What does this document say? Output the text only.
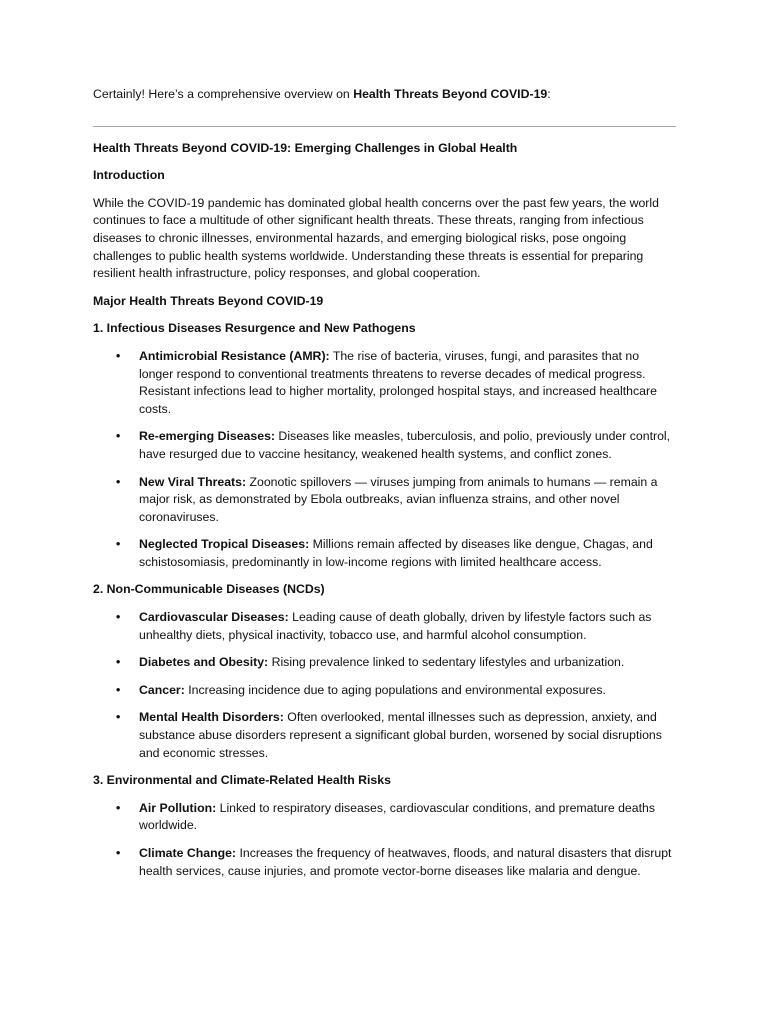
Certainly! Here’s a comprehensive overview on Health Threats Beyond COVID-19:

Health Threats Beyond COVID-19: Emerging Challenges in Global Health
Introduction

While the COVID-19 pandemic has dominated global health concerns over the past few years, the world continues to face a multitude of other significant health threats. These threats, ranging from infectious diseases to chronic illnesses, environmental hazards, and emerging biological risks, pose ongoing challenges to public health systems worldwide. Understanding these threats is essential for preparing resilient health infrastructure, policy responses, and global cooperation.

Major Health Threats Beyond COVID-19
1. Infectious Diseases Resurgence and New Pathogens
• Antimicrobial Resistance (AMR): The rise of bacteria, viruses, fungi, and parasites that no longer respond to conventional treatments threatens to reverse decades of medical progress. Resistant infections lead to higher mortality, prolonged hospital stays, and increased healthcare costs.
• Re-emerging Diseases: Diseases like measles, tuberculosis, and polio, previously under control, have resurged due to vaccine hesitancy, weakened health systems, and conflict zones.
• New Viral Threats: Zoonotic spillovers — viruses jumping from animals to humans — remain a major risk, as demonstrated by Ebola outbreaks, avian influenza strains, and other novel coronaviruses.
• Neglected Tropical Diseases: Millions remain affected by diseases like dengue, Chagas, and schistosomiasis, predominantly in low-income regions with limited healthcare access.
2. Non-Communicable Diseases (NCDs)
• Cardiovascular Diseases: Leading cause of death globally, driven by lifestyle factors such as unhealthy diets, physical inactivity, tobacco use, and harmful alcohol consumption.
• Diabetes and Obesity: Rising prevalence linked to sedentary lifestyles and urbanization.
• Cancer: Increasing incidence due to aging populations and environmental exposures.
• Mental Health Disorders: Often overlooked, mental illnesses such as depression, anxiety, and substance abuse disorders represent a significant global burden, worsened by social disruptions and economic stresses.
3. Environmental and Climate-Related Health Risks
• Air Pollution: Linked to respiratory diseases, cardiovascular conditions, and premature deaths worldwide.
• Climate Change: Increases the frequency of heatwaves, floods, and natural disasters that disrupt health services, cause injuries, and promote vector-borne diseases like malaria and dengue.
